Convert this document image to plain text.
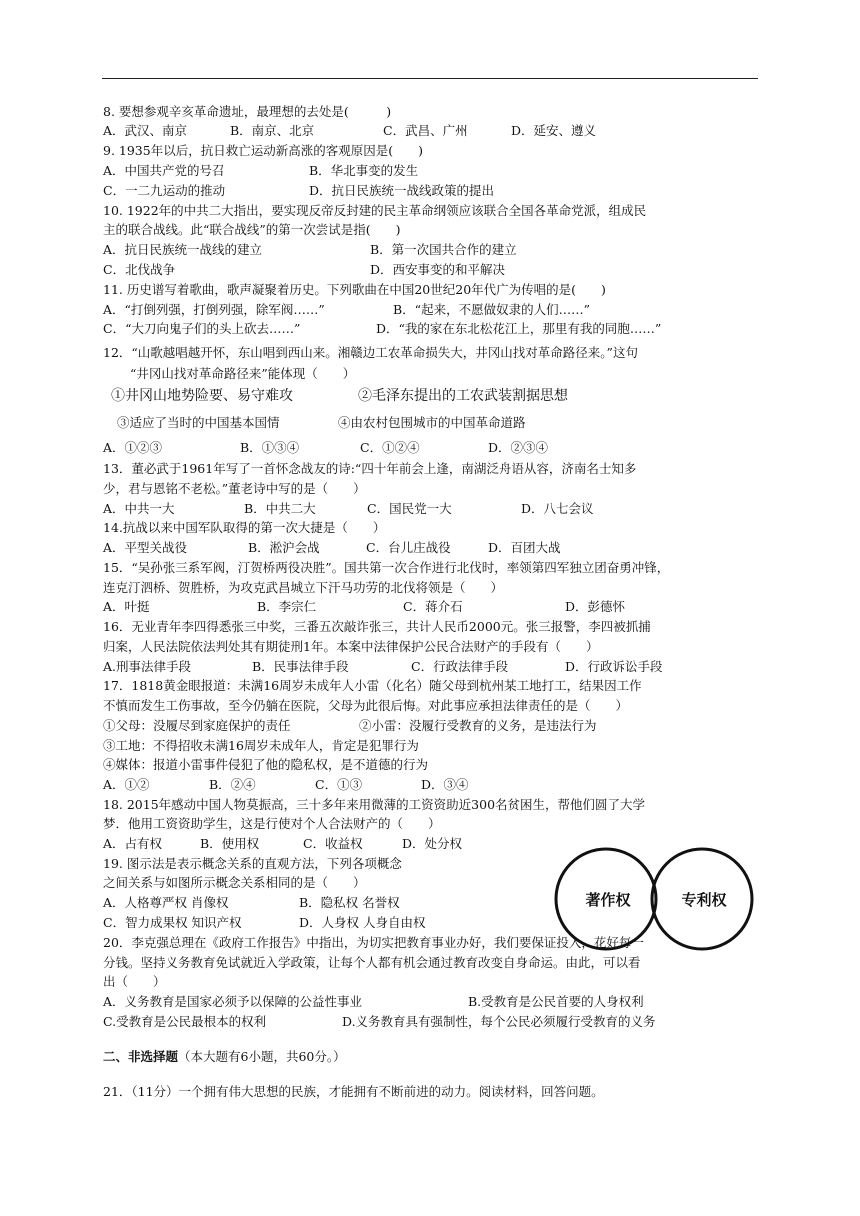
8. 要想参观辛亥革命遗址，最理想的去处是(　　　)
A．武汉、南京	B．南京、北京	C．武昌、广州	D．延安、遵义
9. 1935年以后，抗日救亡运动新高涨的客观原因是(　　)
A．中国共产党的号召	B．华北事变的发生
C．一二九运动的推动	D．抗日民族统一战线政策的提出
10. 1922年的中共二大指出，要实现反帝反封建的民主革命纲领应该联合全国各革命党派，组成民
主的联合战线。此“联合战线”的第一次尝试是指(　　)
A．抗日民族统一战线的建立	B．第一次国共合作的建立
C．北伐战争	D．西安事变的和平解决
11. 历史谱写着歌曲，歌声凝聚着历史。下列歌曲在中国20世纪20年代广为传唱的是(　　)
A．“打倒列强，打倒列强，除军阀……”	B．“起来，不愿做奴隶的人们……”
C．“大刀向鬼子们的头上砍去……”	D．“我的家在东北松花江上，那里有我的同胞……”
12．“山歌越唱越开怀，东山唱到西山来。湘赣边工农革命损失大，井冈山找对革命路径来。”这句
“井冈山找对革命路径来”能体现（　　）
①井冈山地势险要、易守难攻	②毛泽东提出的工农武装割据思想
③适应了当时的中国基本国情	④由农村包围城市的中国革命道路
A．①②③	B．①③④	C．①②④	D．②③④
13．董必武于1961年写了一首怀念战友的诗:“四十年前会上逢，南湖泛舟语从容，济南名士知多
少，君与恩铭不老松。”董老诗中写的是（　　）
A．中共一大	B．中共二大	C．国民党一大	D．八七会议
14.抗战以来中国军队取得的第一次大捷是（　　）
A．平型关战役	B．淞沪会战	C．台儿庄战役	D．百团大战
15．“吴孙张三系军阀，汀贺桥两役决胜”。国共第一次合作进行北伐时，率领第四军独立团奋勇冲锋，
连克汀泗桥、贺胜桥，为攻克武昌城立下汗马功劳的北伐将领是（　　）
A．叶挺	B．李宗仁	C．蒋介石	D．彭德怀
16．无业青年李四得悉张三中奖，三番五次敲诈张三，共计人民币2000元。张三报警，李四被抓捕
归案，人民法院依法判处其有期徒刑1年。本案中法律保护公民合法财产的手段有（　　）
A.刑事法律手段	B．民事法律手段	C．行政法律手段	D．行政诉讼手段
17．1818黄金眼报道：未满16周岁未成年人小雷（化名）随父母到杭州某工地打工，结果因工作
不慎而发生工伤事故，至今仍躺在医院，父母为此很后悔。对此事应承担法律责任的是（　　）
①父母：没履尽到家庭保护的责任	②小雷：没履行受教育的义务，是违法行为
③工地：不得招收未满16周岁未成年人，肯定是犯罪行为
④媒体：报道小雷事件侵犯了他的隐私权，是不道德的行为
A．①②	B．②④	C．①③	D．③④
18. 2015年感动中国人物莫振高，三十多年来用微薄的工资资助近300名贫困生，帮他们圆了大学
梦．他用工资资助学生，这是行使对个人合法财产的（　　）
A．占有权	B．使用权	C．收益权	D．处分权
19. 图示法是表示概念关系的直观方法，下列各项概念
之间关系与如图所示概念关系相同的是（　　）
A．人格尊严权 肖像权	B．隐私权 名誉权
C．智力成果权 知识产权	D．人身权 人身自由权
著作权	专利权
20．李克强总理在《政府工作报告》中指出，为切实把教育事业办好，我们要保证投入，花好每一
分钱。坚持义务教育免试就近入学政策，让每个人都有机会通过教育改变自身命运。由此，可以看
出（　　）
A．义务教育是国家必须予以保障的公益性事业	B.受教育是公民首要的人身权利
C.受教育是公民最根本的权利	D.义务教育具有强制性，每个公民必须履行受教育的义务
二、非选择题（本大题有6小题，共60分。）
21．（11分）一个拥有伟大思想的民族，才能拥有不断前进的动力。阅读材料，回答问题。
